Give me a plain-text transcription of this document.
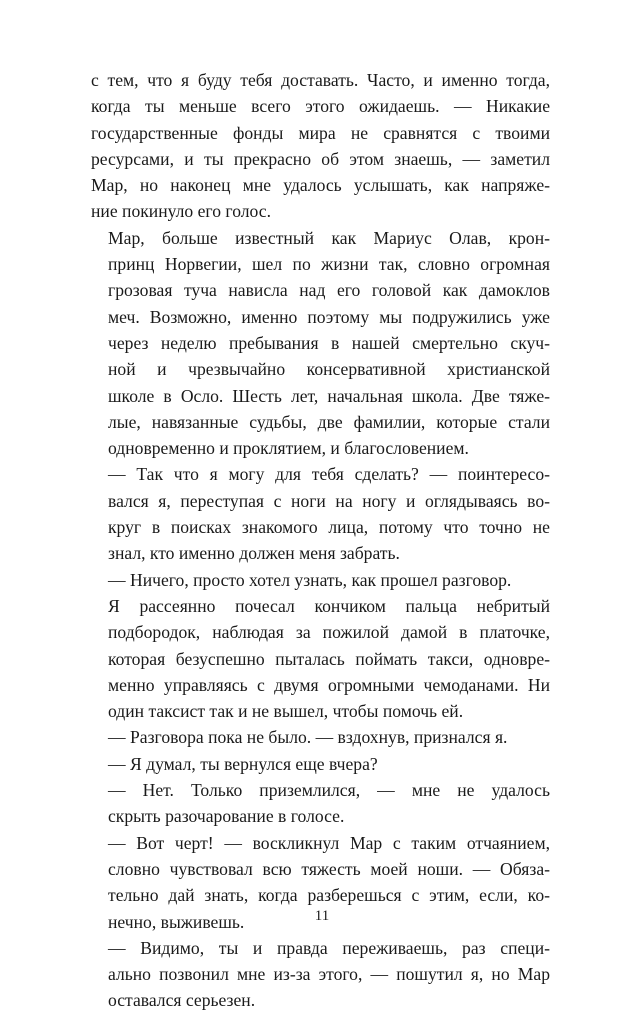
с тем, что я буду тебя доставать. Часто, и именно тогда,
когда ты меньше всего этого ожидаешь. — Никакие
государственные фонды мира не сравнятся с твоими
ресурсами, и ты прекрасно об этом знаешь, — заметил
Мар, но наконец мне удалось услышать, как напряже-
ние покинуло его голос.

Мар, больше известный как Мариус Олав, крон-
принц Норвегии, шел по жизни так, словно огромная
грозовая туча нависла над его головой как дамоклов
меч. Возможно, именно поэтому мы подружились уже
через неделю пребывания в нашей смертельно скуч-
ной и чрезвычайно консервативной христианской
школе в Осло. Шесть лет, начальная школа. Две тяже-
лые, навязанные судьбы, две фамилии, которые стали
одновременно и проклятием, и благословением.

— Так что я могу для тебя сделать? — поинтересо-
вался я, переступая с ноги на ногу и оглядываясь во-
круг в поисках знакомого лица, потому что точно не
знал, кто именно должен меня забрать.

— Ничего, просто хотел узнать, как прошел разговор.

Я рассеянно почесал кончиком пальца небритый
подбородок, наблюдая за пожилой дамой в платочке,
которая безуспешно пыталась поймать такси, одновре-
менно управляясь с двумя огромными чемоданами. Ни
один таксист так и не вышел, чтобы помочь ей.

— Разговора пока не было. — вздохнув, признался я.

— Я думал, ты вернулся еще вчера?

— Нет. Только приземлился, — мне не удалось
скрыть разочарование в голосе.

— Вот черт! — воскликнул Мар с таким отчаянием,
словно чувствовал всю тяжесть моей ноши. — Обяза-
тельно дай знать, когда разберешься с этим, если, ко-
нечно, выживешь.

— Видимо, ты и правда переживаешь, раз специ-
ально позвонил мне из-за этого, — пошутил я, но Мар
оставался серьезен.

11
